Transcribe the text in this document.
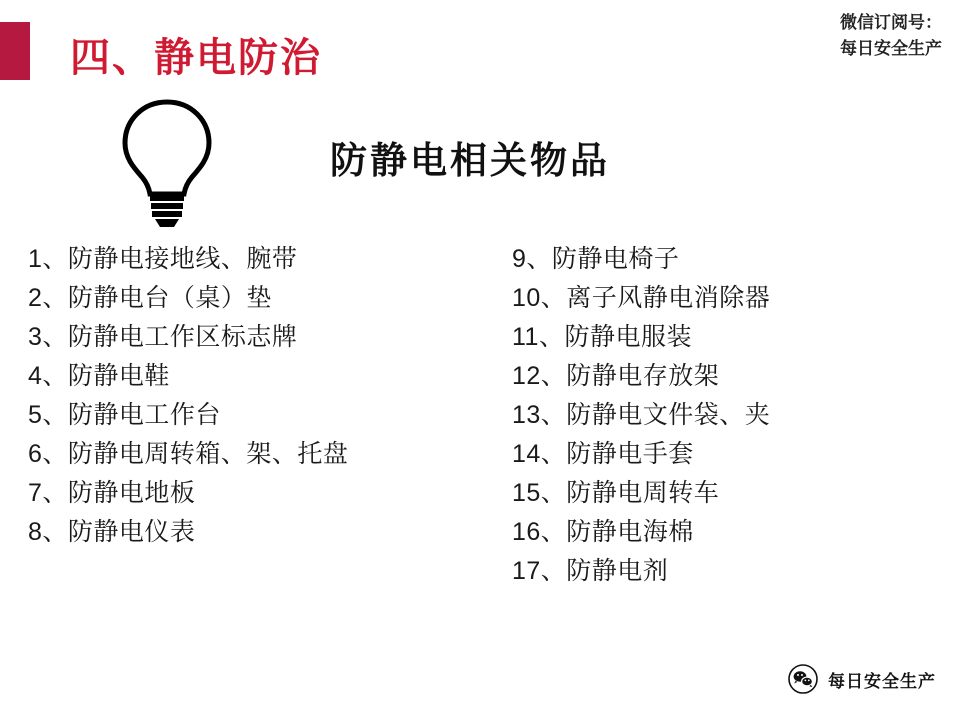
四、静电防治
微信订阅号：
每日安全生产
防静电相关物品
1、防静电接地线、腕带
2、防静电台（桌）垫
3、防静电工作区标志牌
4、防静电鞋
5、防静电工作台
6、防静电周转箱、架、托盘
7、防静电地板
8、防静电仪表
9、防静电椅子
10、离子风静电消除器
11、防静电服装
12、防静电存放架
13、防静电文件袋、夹
14、防静电手套
15、防静电周转车
16、防静电海棉
17、防静电剂
每日安全生产
